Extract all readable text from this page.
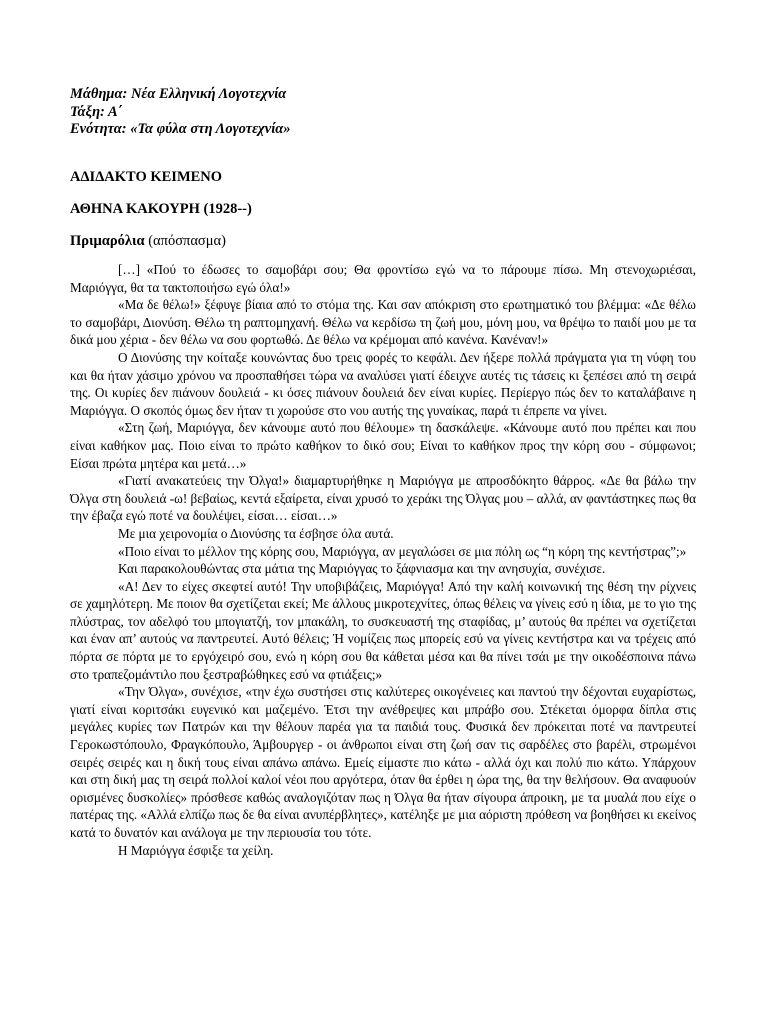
Μάθημα: Νέα Ελληνική Λογοτεχνία
Τάξη: Α΄
Ενότητα: «Τα φύλα στη Λογοτεχνία»
ΑΔΙΔΑΚΤΟ ΚΕΙΜΕΝΟ
ΑΘΗΝΑ ΚΑΚΟΥΡΗ (1928--)
Πριμαρόλια (απόσπασμα)

[…] «Πού το έδωσες το σαμοβάρι σου; Θα φροντίσω εγώ να το πάρουμε πίσω. Μη στενοχωριέσαι, Μαριόγγα, θα τα τακτοποιήσω εγώ όλα!»

«Μα δε θέλω!» ξέφυγε βίαια από το στόμα της. Και σαν απόκριση στο ερωτηματικό του βλέμμα: «Δε θέλω το σαμοβάρι, Διονύση. Θέλω τη ραπτομηχανή. Θέλω να κερδίσω τη ζωή μου, μόνη μου, να θρέψω το παιδί μου με τα δικά μου χέρια - δεν θέλω να σου φορτωθώ. Δε θέλω να κρέμομαι από κανένα. Κανέναν!»

Ο Διονύσης την κοίταξε κουνώντας δυο τρεις φορές το κεφάλι. Δεν ήξερε πολλά πράγματα για τη νύφη του και θα ήταν χάσιμο χρόνου να προσπαθήσει τώρα να αναλύσει γιατί έδειχνε αυτές τις τάσεις κι ξεπέσει από τη σειρά της. Οι κυρίες δεν πιάνουν δουλειά - κι όσες πιάνουν δουλειά δεν είναι κυρίες. Περίεργο πώς δεν το καταλάβαινε η Μαριόγγα. Ο σκοπός όμως δεν ήταν τι χωρούσε στο νου αυτής της γυναίκας, παρά τι έπρεπε να γίνει.

«Στη ζωή, Μαριόγγα, δεν κάνουμε αυτό που θέλουμε» τη δασκάλεψε. «Κάνουμε αυτό που πρέπει και που είναι καθήκον μας. Ποιο είναι το πρώτο καθήκον το δικό σου; Είναι το καθήκον προς την κόρη σου - σύμφωνοι; Είσαι πρώτα μητέρα και μετά…»

«Γιατί ανακατεύεις την Όλγα!» διαμαρτυρήθηκε η Μαριόγγα με απροσδόκητο θάρρος. «Δε θα βάλω την Όλγα στη δουλειά -ω! βεβαίως, κεντά εξαίρετα, είναι χρυσό το χεράκι της Όλγας μου – αλλά, αν φαντάστηκες πως θα την έβαζα εγώ ποτέ να δουλέψει, είσαι… είσαι…»

Με μια χειρονομία ο Διονύσης τα έσβησε όλα αυτά.

«Ποιο είναι το μέλλον της κόρης σου, Μαριόγγα, αν μεγαλώσει σε μια πόλη ως “η κόρη της κεντήστρας”;»

Και παρακολουθώντας στα μάτια της Μαριόγγας το ξάφνιασμα και την ανησυχία, συνέχισε.

«Α! Δεν το είχες σκεφτεί αυτό! Την υποβιβάζεις, Μαριόγγα! Από την καλή κοινωνική της θέση την ρίχνεις σε χαμηλότερη. Με ποιον θα σχετίζεται εκεί; Με άλλους μικροτεχνίτες, όπως θέλεις να γίνεις εσύ η ίδια, με το γιο της πλύστρας, τον αδελφό του μπογιατζή, τον μπακάλη, το συσκευαστή της σταφίδας, μ’ αυτούς θα πρέπει να σχετίζεται και έναν απ’ αυτούς να παντρευτεί. Αυτό θέλεις; Ή νομίζεις πως μπορείς εσύ να γίνεις κεντήστρα και να τρέχεις από πόρτα σε πόρτα με το εργόχειρό σου, ενώ η κόρη σου θα κάθεται μέσα και θα πίνει τσάι με την οικοδέσποινα πάνω στο τραπεζομάντιλο που ξεστραβώθηκες εσύ να φτιάξεις;»

«Την Όλγα», συνέχισε, «την έχω συστήσει στις καλύτερες οικογένειες και παντού την δέχονται ευχαρίστως, γιατί είναι κοριτσάκι ευγενικό και μαζεμένο. Έτσι την ανέθρεψες και μπράβο σου. Στέκεται όμορφα δίπλα στις μεγάλες κυρίες των Πατρών και την θέλουν παρέα για τα παιδιά τους. Φυσικά δεν πρόκειται ποτέ να παντρευτεί Γεροκωστόπουλο, Φραγκόπουλο, Άμβουργερ - οι άνθρωποι είναι στη ζωή σαν τις σαρδέλες στο βαρέλι, στρωμένοι σειρές σειρές και η δική τους είναι απάνω απάνω. Εμείς είμαστε πιο κάτω - αλλά όχι και πολύ πιο κάτω. Υπάρχουν και στη δική μας τη σειρά πολλοί καλοί νέοι που αργότερα, όταν θα έρθει η ώρα της, θα την θελήσουν. Θα αναφυούν ορισμένες δυσκολίες» πρόσθεσε καθώς αναλογιζόταν πως η Όλγα θα ήταν σίγουρα άπροικη, με τα μυαλά που είχε ο πατέρας της. «Αλλά ελπίζω πως δε θα είναι ανυπέρβλητες», κατέληξε με μια αόριστη πρόθεση να βοηθήσει κι εκείνος κατά το δυνατόν και ανάλογα με την περιουσία του τότε.

Η Μαριόγγα έσφιξε τα χείλη.
